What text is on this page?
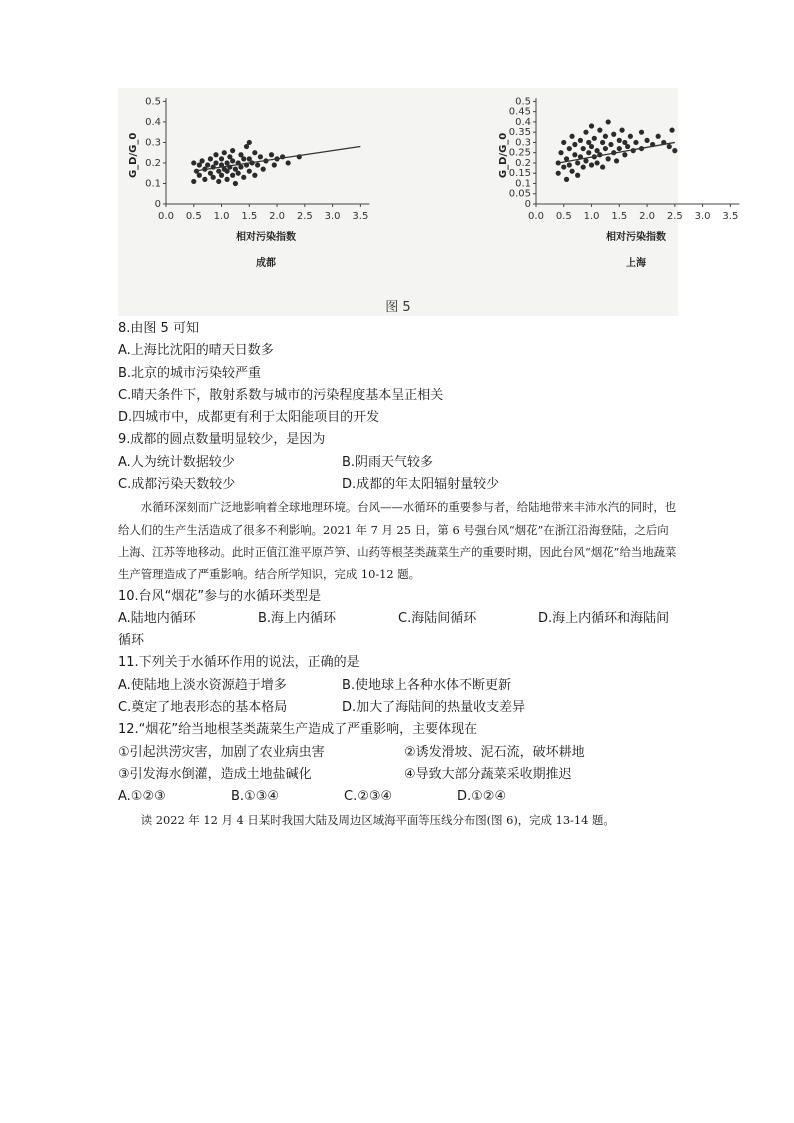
0.0 0.5 1.0 1.5 2.0 2.5 3.0 3.5
0
0.1
0.2
0.3
0.4
0.5
G_D/G_0
相对污染指数
成都
0.0 0.5 1.0 1.5 2.0 2.5 3.0 3.5
0
0.05
0.1
0.15
0.2
0.25
0.3
0.35
0.4
0.45
0.5
G_D/G_0
相对污染指数
上海
图 5
8.由图 5 可知
A.上海比沈阳的晴天日数多
B.北京的城市污染较严重
C.晴天条件下，散射系数与城市的污染程度基本呈正相关
D.四城市中，成都更有利于太阳能项目的开发
9.成都的圆点数量明显较少，是因为
A.人为统计数据较少	B.阴雨天气较多
C.成都污染天数较少	D.成都的年太阳辐射量较少
水循环深刻而广泛地影响着全球地理环境。台风——水循环的重要参与者，给陆地带来丰沛水汽的同时，也给人们的生产生活造成了很多不利影响。2021 年 7 月 25 日，第 6 号强台风“烟花”在浙江沿海登陆，之后向上海、江苏等地移动。此时正值江淮平原芦笋、山药等根茎类蔬菜生产的重要时期，因此台风“烟花”给当地蔬菜生产管理造成了严重影响。结合所学知识，完成 10-12 题。
10.台风“烟花”参与的水循环类型是
A.陆地内循环	B.海上内循环	C.海陆间循环	D.海上内循环和海陆间循环
11.下列关于水循环作用的说法，正确的是
A.使陆地上淡水资源趋于增多	B.使地球上各种水体不断更新
C.奠定了地表形态的基本格局	D.加大了海陆间的热量收支差异
12.“烟花”给当地根茎类蔬菜生产造成了严重影响，主要体现在
①引起洪涝灾害，加剧了农业病虫害	②诱发滑坡、泥石流，破坏耕地
③引发海水倒灌，造成土地盐碱化	④导致大部分蔬菜采收期推迟
A.①②③	B.①③④	C.②③④	D.①②④
读 2022 年 12 月 4 日某时我国大陆及周边区域海平面等压线分布图(图 6)，完成 13-14 题。
